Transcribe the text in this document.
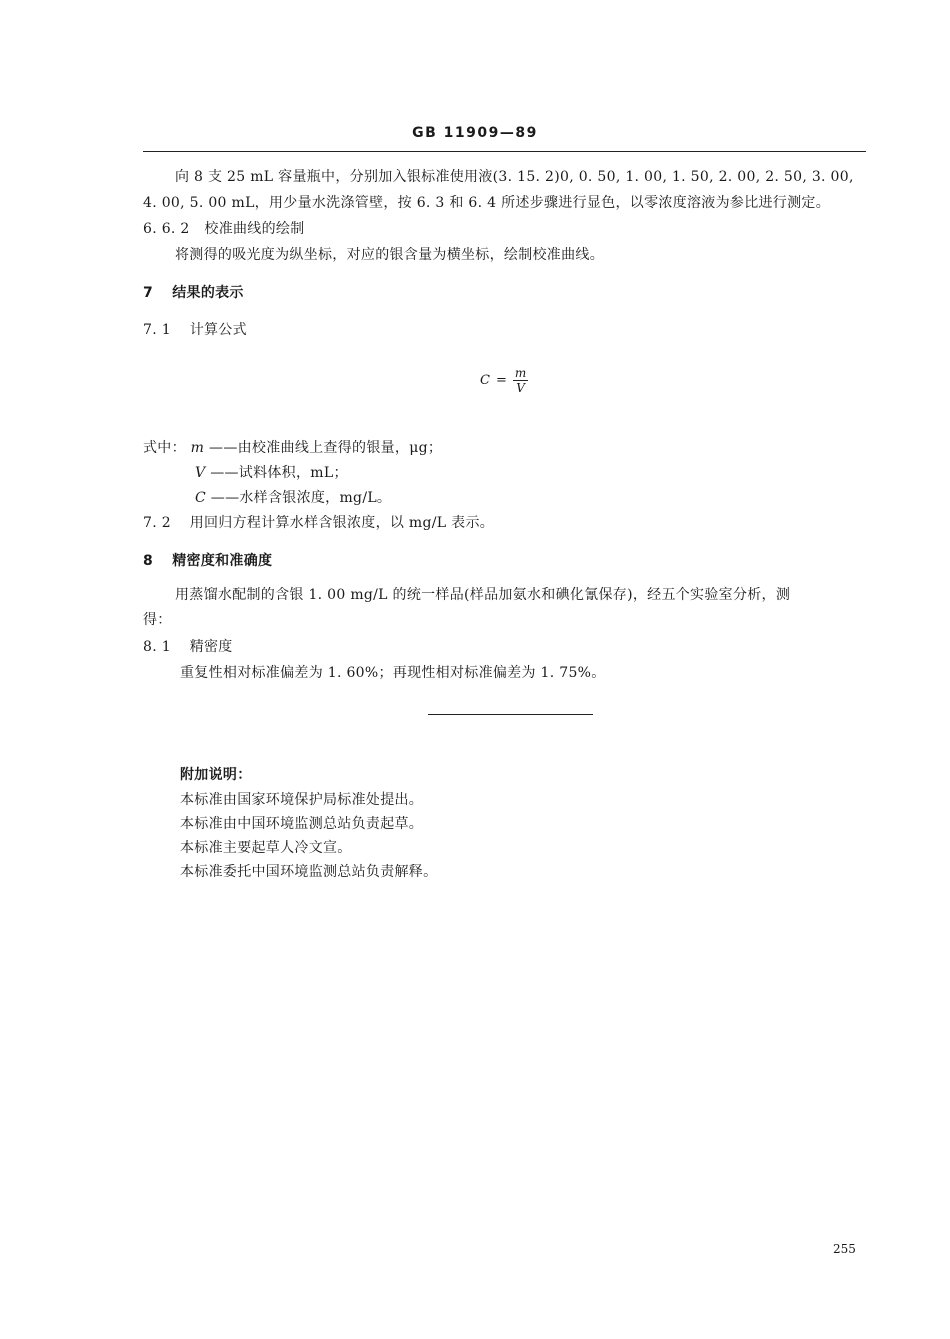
GB 11909—89
向 8 支 25 mL 容量瓶中，分别加入银标准使用液(3. 15. 2)0, 0. 50, 1. 00, 1. 50, 2. 00, 2. 50, 3. 00,
4. 00, 5. 00 mL，用少量水洗涤管壁，按 6. 3 和 6. 4 所述步骤进行显色，以零浓度溶液为参比进行测定。
6. 6. 2 校准曲线的绘制
将测得的吸光度为纵坐标，对应的银含量为横坐标，绘制校准曲线。
7 结果的表示
7. 1 计算公式
$C = \frac{m}{V}$
式中： m ——由校准曲线上查得的银量，μg；
V ——试料体积，mL；
C ——水样含银浓度，mg/L。
7. 2 用回归方程计算水样含银浓度，以 mg/L 表示。
8 精密度和准确度
用蒸馏水配制的含银 1. 00 mg/L 的统一样品(样品加氨水和碘化氰保存)，经五个实验室分析，测
得：
8. 1 精密度
重复性相对标准偏差为 1. 60%；再现性相对标准偏差为 1. 75%。
附加说明：
本标准由国家环境保护局标准处提出。
本标准由中国环境监测总站负责起草。
本标准主要起草人冷文宣。
本标准委托中国环境监测总站负责解释。
255
